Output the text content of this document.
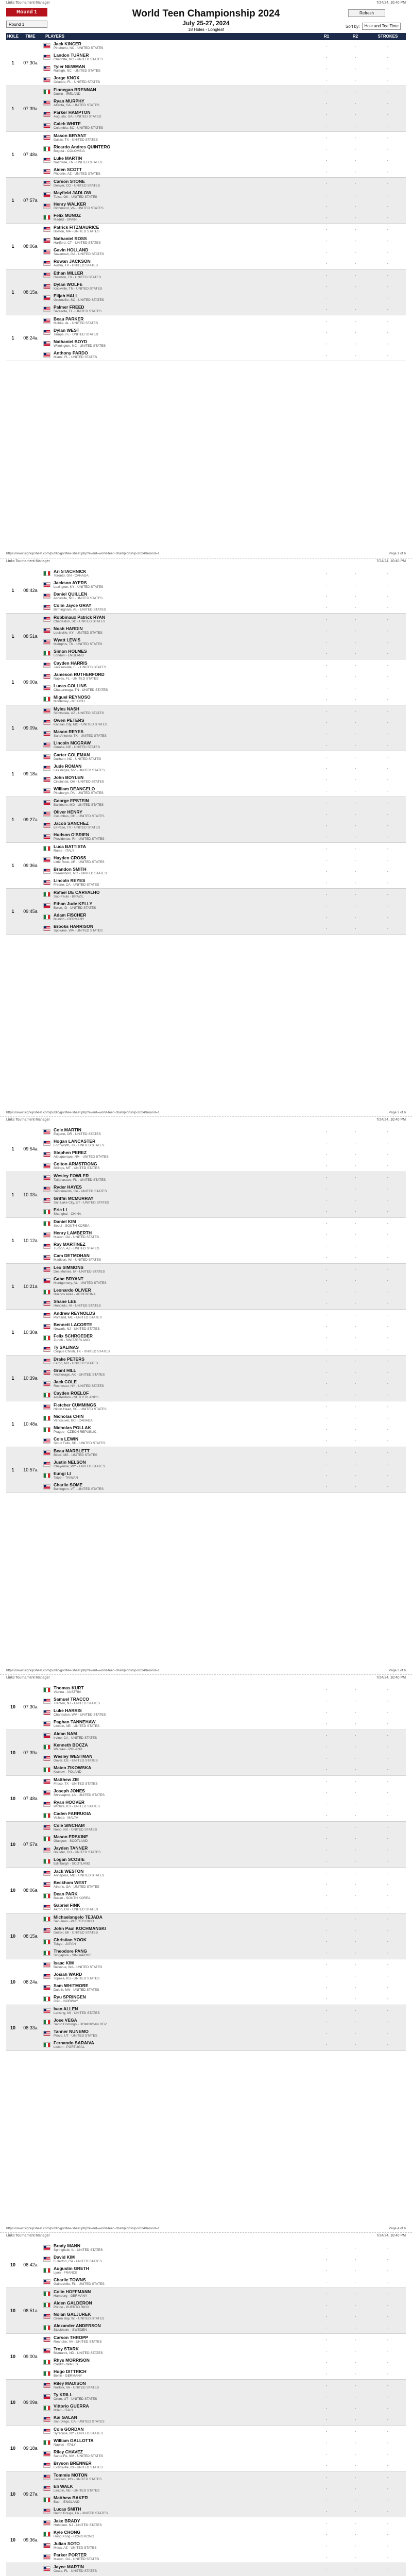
Links Tournament Manager	7/24/24, 10:40 PM
Round 1
Round 1
World Teen Championship 2024
July 25-27, 2024
18 Holes - Longleaf
Refresh
Sort by:	Hole and Tee Time
HOLE	TIME	PLAYERS	R1	R2	STROKES
1	07:30a
Jack KINCER
Pinehurst, NC - UNITED STATES	-	-	-
Landon TURNER
Charlotte, NC - UNITED STATES	-	-	-
Tyler NEWMAN
Raleigh, NC - UNITED STATES	-	-	-
Jorge KNOX
Orlando, FL - UNITED STATES	-	-	-
1	07:39a
Finnegan BRENNAN
Dublin - IRELAND	-	-	-
Ryan MURPHY
Atlanta, GA - UNITED STATES	-	-	-
Parker HAMPTON
Augusta, GA - UNITED STATES	-	-	-
Caleb WHITE
Columbia, SC - UNITED STATES	-	-	-
1	07:48a
Mason BRYANT
Dallas, TX - UNITED STATES	-	-	-
Ricardo Andres QUINTERO
Bogota - COLOMBIA	-	-	-
Luke MARTIN
Nashville, TN - UNITED STATES	-	-	-
Aiden SCOTT
Phoenix, AZ - UNITED STATES	-	-	-
1	07:57a
Carson STONE
Denver, CO - UNITED STATES	-	-	-
Mayfield JADLOW
Tulsa, OK - UNITED STATES	-	-	-
Henry WALKER
Richmond, VA - UNITED STATES	-	-	-
Felix MUNOZ
Madrid - SPAIN	-	-	-
1	08:06a
Patrick FITZMAURICE
Boston, MA - UNITED STATES	-	-	-
Nathaniel ROSS
Hartford, CT - UNITED STATES	-	-	-
Gavin HOLLAND
Savannah, GA - UNITED STATES	-	-	-
Rowan JACKSON
Austin, TX - UNITED STATES	-	-	-
1	08:15a
Ethan MILLER
Houston, TX - UNITED STATES	-	-	-
Dylan WOLFE
Knoxville, TN - UNITED STATES	-	-	-
Elijah HALL
Greenville, SC - UNITED STATES	-	-	-
Palmer FREED
Sarasota, FL - UNITED STATES	-	-	-
1	08:24a
Beau PARKER
Mobile, AL - UNITED STATES	-	-	-
Dylan WEST
Tampa, FL - UNITED STATES	-	-	-
Nathaniel BOYD
Wilmington, NC - UNITED STATES	-	-	-
Anthony PARDO
Miami, FL - UNITED STATES	-	-	-
https://www.signupsheet.com/public/golf/tee-sheet.php?event=world-teen-championship-2024&round=1	Page 1 of 6
Links Tournament Manager	7/24/24, 10:40 PM
1	08:42a
Ari STACHNICK
Toronto, ON - CANADA	-	-	-
Jackson AYERS
Lexington, KY - UNITED STATES	-	-	-
Daniel QUILLEN
Asheville, NC - UNITED STATES	-	-	-
Colin Jayce GRAY
Birmingham, AL - UNITED STATES	-	-	-
1	08:51a
Robbinaux Patrick RYAN
Charleston, SC - UNITED STATES	-	-	-
Noah HARDIN
Louisville, KY - UNITED STATES	-	-	-
Wyatt LEWIS
Memphis, TN - UNITED STATES	-	-	-
Simon HOLMES
London - ENGLAND	-	-	-
1	09:00a
Cayden HARRIS
Jacksonville, FL - UNITED STATES	-	-	-
Jameson RUTHERFORD
Naples, FL - UNITED STATES	-	-	-
Lucas COLLINS
Chattanooga, TN - UNITED STATES	-	-	-
Miguel REYNOSO
Monterrey - MEXICO	-	-	-
1	09:09a
Myles NASH
Scottsdale, AZ - UNITED STATES	-	-	-
Owen PETERS
Kansas City, MO - UNITED STATES	-	-	-
Mason REYES
San Antonio, TX - UNITED STATES	-	-	-
Lincoln MCGRAW
Omaha, NE - UNITED STATES	-	-	-
1	09:18a
Carter COLEMAN
Durham, NC - UNITED STATES	-	-	-
Jude ROMAN
Las Vegas, NV - UNITED STATES	-	-	-
John BOYLEN
Cincinnati, OH - UNITED STATES	-	-	-
William DEANGELO
Pittsburgh, PA - UNITED STATES	-	-	-
1	09:27a
George EPSTEIN
Baltimore, MD - UNITED STATES	-	-	-
Oliver HENRY
Columbus, OH - UNITED STATES	-	-	-
Jacob SANCHEZ
El Paso, TX - UNITED STATES	-	-	-
Hudson O'BRIEN
Providence, RI - UNITED STATES	-	-	-
1	09:36a
Luca BATTISTA
Rome - ITALY	-	-	-
Hayden CROSS
Little Rock, AR - UNITED STATES	-	-	-
Brandon SMITH
Greensboro, NC - UNITED STATES	-	-	-
Lincoln REYES
Fresno, CA - UNITED STATES	-	-	-
1	09:45a
Rafael DE CARVALHO
Sao Paulo - BRAZIL	-	-	-
Ethan Jude KELLY
Boise, ID - UNITED STATES	-	-	-
Adam FISCHER
Munich - GERMANY	-	-	-
Brooks HARRISON
Spokane, WA - UNITED STATES	-	-	-
https://www.signupsheet.com/public/golf/tee-sheet.php?event=world-teen-championship-2024&round=1	Page 2 of 6
Links Tournament Manager	7/24/24, 10:40 PM
1	09:54a
Cole MARTIN
Eugene, OR - UNITED STATES	-	-	-
Hogan LANCASTER
Fort Worth, TX - UNITED STATES	-	-	-
Stephen PEREZ
Albuquerque, NM - UNITED STATES	-	-	-
Colton ARMSTRONG
Billings, MT - UNITED STATES	-	-	-
1	10:03a
Wesley FOWLER
Tallahassee, FL - UNITED STATES	-	-	-
Ryder HAYES
Sacramento, CA - UNITED STATES	-	-	-
Griffin MCMURRAY
Salt Lake City, UT - UNITED STATES	-	-	-
Eric LI
Shanghai - CHINA	-	-	-
1	10:12a
Daniel KIM
Seoul - SOUTH KOREA	-	-	-
Henry LAMBERTH
Macon, GA - UNITED STATES	-	-	-
Ray MARTINEZ
Tucson, AZ - UNITED STATES	-	-	-
Cam DETMOHAN
Madison, WI - UNITED STATES	-	-	-
1	10:21a
Leo SIMMONS
Des Moines, IA - UNITED STATES	-	-	-
Gabe BRYANT
Montgomery, AL - UNITED STATES	-	-	-
Leonardo OLIVER
Buenos Aires - ARGENTINA	-	-	-
Shane LEE
Honolulu, HI - UNITED STATES	-	-	-
1	10:30a
Andrew REYNOLDS
Portland, ME - UNITED STATES	-	-	-
Bennett LACORTE
Newark, NJ - UNITED STATES	-	-	-
Felix SCHROEDER
Zurich - SWITZERLAND	-	-	-
Ty SALINAS
Corpus Christi, TX - UNITED STATES	-	-	-
1	10:39a
Drake PETERS
Fargo, ND - UNITED STATES	-	-	-
Grant HILL
Anchorage, AK - UNITED STATES	-	-	-
Jack COLE
Rochester, NY - UNITED STATES	-	-	-
Cayden ROELOF
Amsterdam - NETHERLANDS	-	-	-
1	10:48a
Fletcher CUMMINGS
Hilton Head, SC - UNITED STATES	-	-	-
Nicholas CHIN
Vancouver, BC - CANADA	-	-	-
Nicholas POLLAK
Prague - CZECH REPUBLIC	-	-	-
Cole LEWIN
Sioux Falls, SD - UNITED STATES	-	-	-
1	10:57a
Beau MARBLETT
Biloxi, MS - UNITED STATES	-	-	-
Justin NELSON
Cheyenne, WY - UNITED STATES	-	-	-
Eungi LI
Taipei - TAIWAN	-	-	-
Charlie SOME
Burlington, VT - UNITED STATES	-	-	-
https://www.signupsheet.com/public/golf/tee-sheet.php?event=world-teen-championship-2024&round=1	Page 3 of 6
Links Tournament Manager	7/24/24, 10:40 PM
10	07:30a
Thomas KURT
Vienna - AUSTRIA	-	-	-
Samuel TRACCO
Trenton, NJ - UNITED STATES	-	-	-
Luke HARRIS
Charleston, WV - UNITED STATES	-	-	-
Paghan TANNEHAW
Lincoln, NE - UNITED STATES	-	-	-
10	07:39a
Aidan NAM
Irvine, CA - UNITED STATES	-	-	-
Kenneth BOCZA
Warsaw - POLAND	-	-	-
Wesley WESTMAN
Dover, DE - UNITED STATES	-	-	-
Mateo ZIKOWSKA
Krakow - POLAND	-	-	-
10	07:48a
Matthew ZIE
Frisco, TX - UNITED STATES	-	-	-
Joseph JONES
Shreveport, LA - UNITED STATES	-	-	-
Ryan HOOVER
Wichita, KS - UNITED STATES	-	-	-
Caden FARRUGIA
Valletta - MALTA	-	-	-
10	07:57a
Cole SINCHAM
Reno, NV - UNITED STATES	-	-	-
Mason ERSKINE
Glasgow - SCOTLAND	-	-	-
Jayden TANNER
Boulder, CO - UNITED STATES	-	-	-
Logan SCOBIE
Edinburgh - SCOTLAND	-	-	-
10	08:06a
Jack WESTON
Annapolis, MD - UNITED STATES	-	-	-
Beckham WEST
Athens, GA - UNITED STATES	-	-	-
Dean PARK
Busan - SOUTH KOREA	-	-	-
Gabriel FINK
Akron, OH - UNITED STATES	-	-	-
10	08:15a
Michaelangelo TEJADA
San Juan - PUERTO RICO	-	-	-
John Paul KOCHMANSKI
Detroit, MI - UNITED STATES	-	-	-
Christian YOOK
Tokyo - JAPAN	-	-	-
Theodore PANG
Singapore - SINGAPORE	-	-	-
10	08:24a
Isaac KIM
Bellevue, WA - UNITED STATES	-	-	-
Josiah WARD
Topeka, KS - UNITED STATES	-	-	-
Sam WHITMORE
Duluth, MN - UNITED STATES	-	-	-
Ryu SPRINGEN
Oslo - NORWAY	-	-	-
10	08:33a
Ivan ALLEN
Lansing, MI - UNITED STATES	-	-	-
Jose VEGA
Santo Domingo - DOMINICAN REP.	-	-	-
Tanner NUNEMO
Provo, UT - UNITED STATES	-	-	-
Fernando SARAIVA
Lisbon - PORTUGAL	-	-	-
https://www.signupsheet.com/public/golf/tee-sheet.php?event=world-teen-championship-2024&round=1	Page 4 of 6
Links Tournament Manager	7/24/24, 10:40 PM
10	08:42a
Brady MANN
Springfield, IL - UNITED STATES	-	-	-
David KIM
Fullerton, CA - UNITED STATES	-	-	-
Augustin GRETH
Lyon - FRANCE	-	-	-
Charlie TOWNS
Gainesville, FL - UNITED STATES	-	-	-
10	08:51a
Colin HOFFMANN
Hamburg - GERMANY	-	-	-
Aiden GALDERON
Ponce - PUERTO RICO	-	-	-
Nolan GALJUREK
Green Bay, WI - UNITED STATES	-	-	-
Alexander ANDERSON
Stockholm - SWEDEN	-	-	-
10	09:00a
Carson THROPP
Roanoke, VA - UNITED STATES	-	-	-
Troy STARK
Bismarck, ND - UNITED STATES	-	-	-
Rhys MORRISON
Cardiff - WALES	-	-	-
Hugo DITTRICH
Berlin - GERMANY	-	-	-
10	09:09a
Riley MADISON
Norfolk, VA - UNITED STATES	-	-	-
Ty KRILL
Orem, UT - UNITED STATES	-	-	-
Vittorio GUERRA
Milan - ITALY	-	-	-
Kai GALAN
San Diego, CA - UNITED STATES	-	-	-
10	09:18a
Cole GORDAN
Syracuse, NY - UNITED STATES	-	-	-
William GALLOTTA
Naples - ITALY	-	-	-
Riley CHAVEZ
Santa Fe, NM - UNITED STATES	-	-	-
Bryson BRENNER
Evansville, IN - UNITED STATES	-	-	-
10	09:27a
Tommie MOTON
Jackson, MS - UNITED STATES	-	-	-
Eli WALK
Lincoln, NE - UNITED STATES	-	-	-
Matthew BAKER
Bath - ENGLAND	-	-	-
Lucas SMITH
Baton Rouge, LA - UNITED STATES	-	-	-
10	09:36a
Jake BRADY
Hoboken, NJ - UNITED STATES	-	-	-
Kyle CHONG
Hong Kong - HONG KONG	-	-	-
Julian SOTO
Mesa, AZ - UNITED STATES	-	-	-
Parker PORTER
Macon, GA - UNITED STATES	-	-	-
Jayce MARTIN
Ocala, FL - UNITED STATES	-	-	-
